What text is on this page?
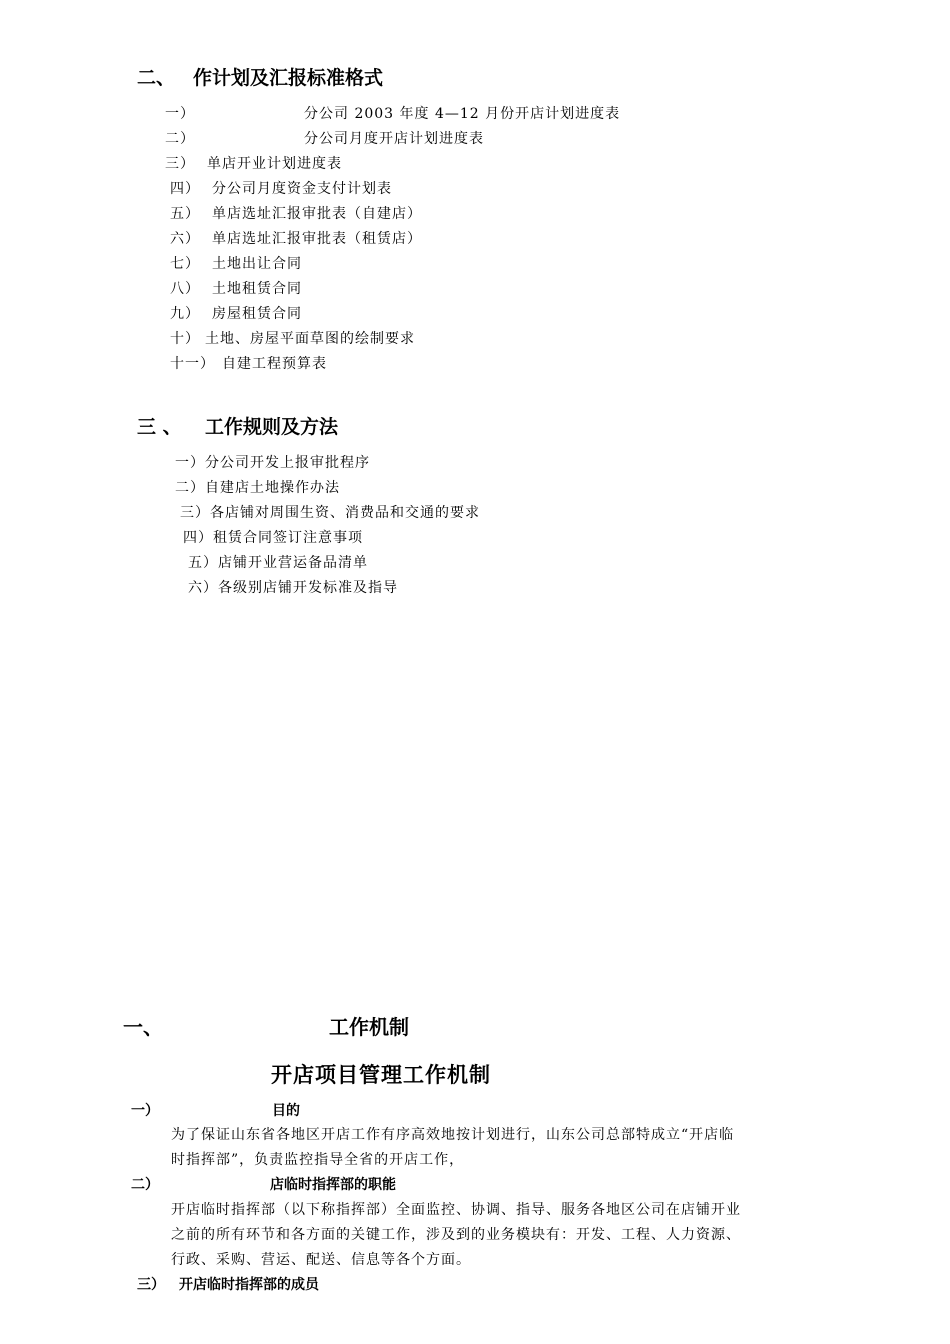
二、 作计划及汇报标准格式
一）	分公司 2003 年度 4—12 月份开店计划进度表
二）	分公司月度开店计划进度表
三） 单店开业计划进度表
四） 分公司月度资金支付计划表
五） 单店选址汇报审批表（自建店）
六） 单店选址汇报审批表（租赁店）
七） 土地出让合同
八） 土地租赁合同
九） 房屋租赁合同
十） 土地、房屋平面草图的绘制要求
十一） 自建工程预算表
三 、 工作规则及方法
一）分公司开发上报审批程序
二）自建店土地操作办法
三）各店铺对周围生资、消费品和交通的要求
四）租赁合同签订注意事项
五）店铺开业营运备品清单
六）各级别店铺开发标准及指导
一、	工作机制
开店项目管理工作机制
一）	目的
为了保证山东省各地区开店工作有序高效地按计划进行，山东公司总部特成立“开店临
时指挥部”，负责监控指导全省的开店工作，
二）	店临时指挥部的职能
开店临时指挥部（以下称指挥部）全面监控、协调、指导、服务各地区公司在店铺开业
之前的所有环节和各方面的关键工作，涉及到的业务模块有：开发、工程、人力资源、
行政、采购、营运、配送、信息等各个方面。
三） 开店临时指挥部的成员
